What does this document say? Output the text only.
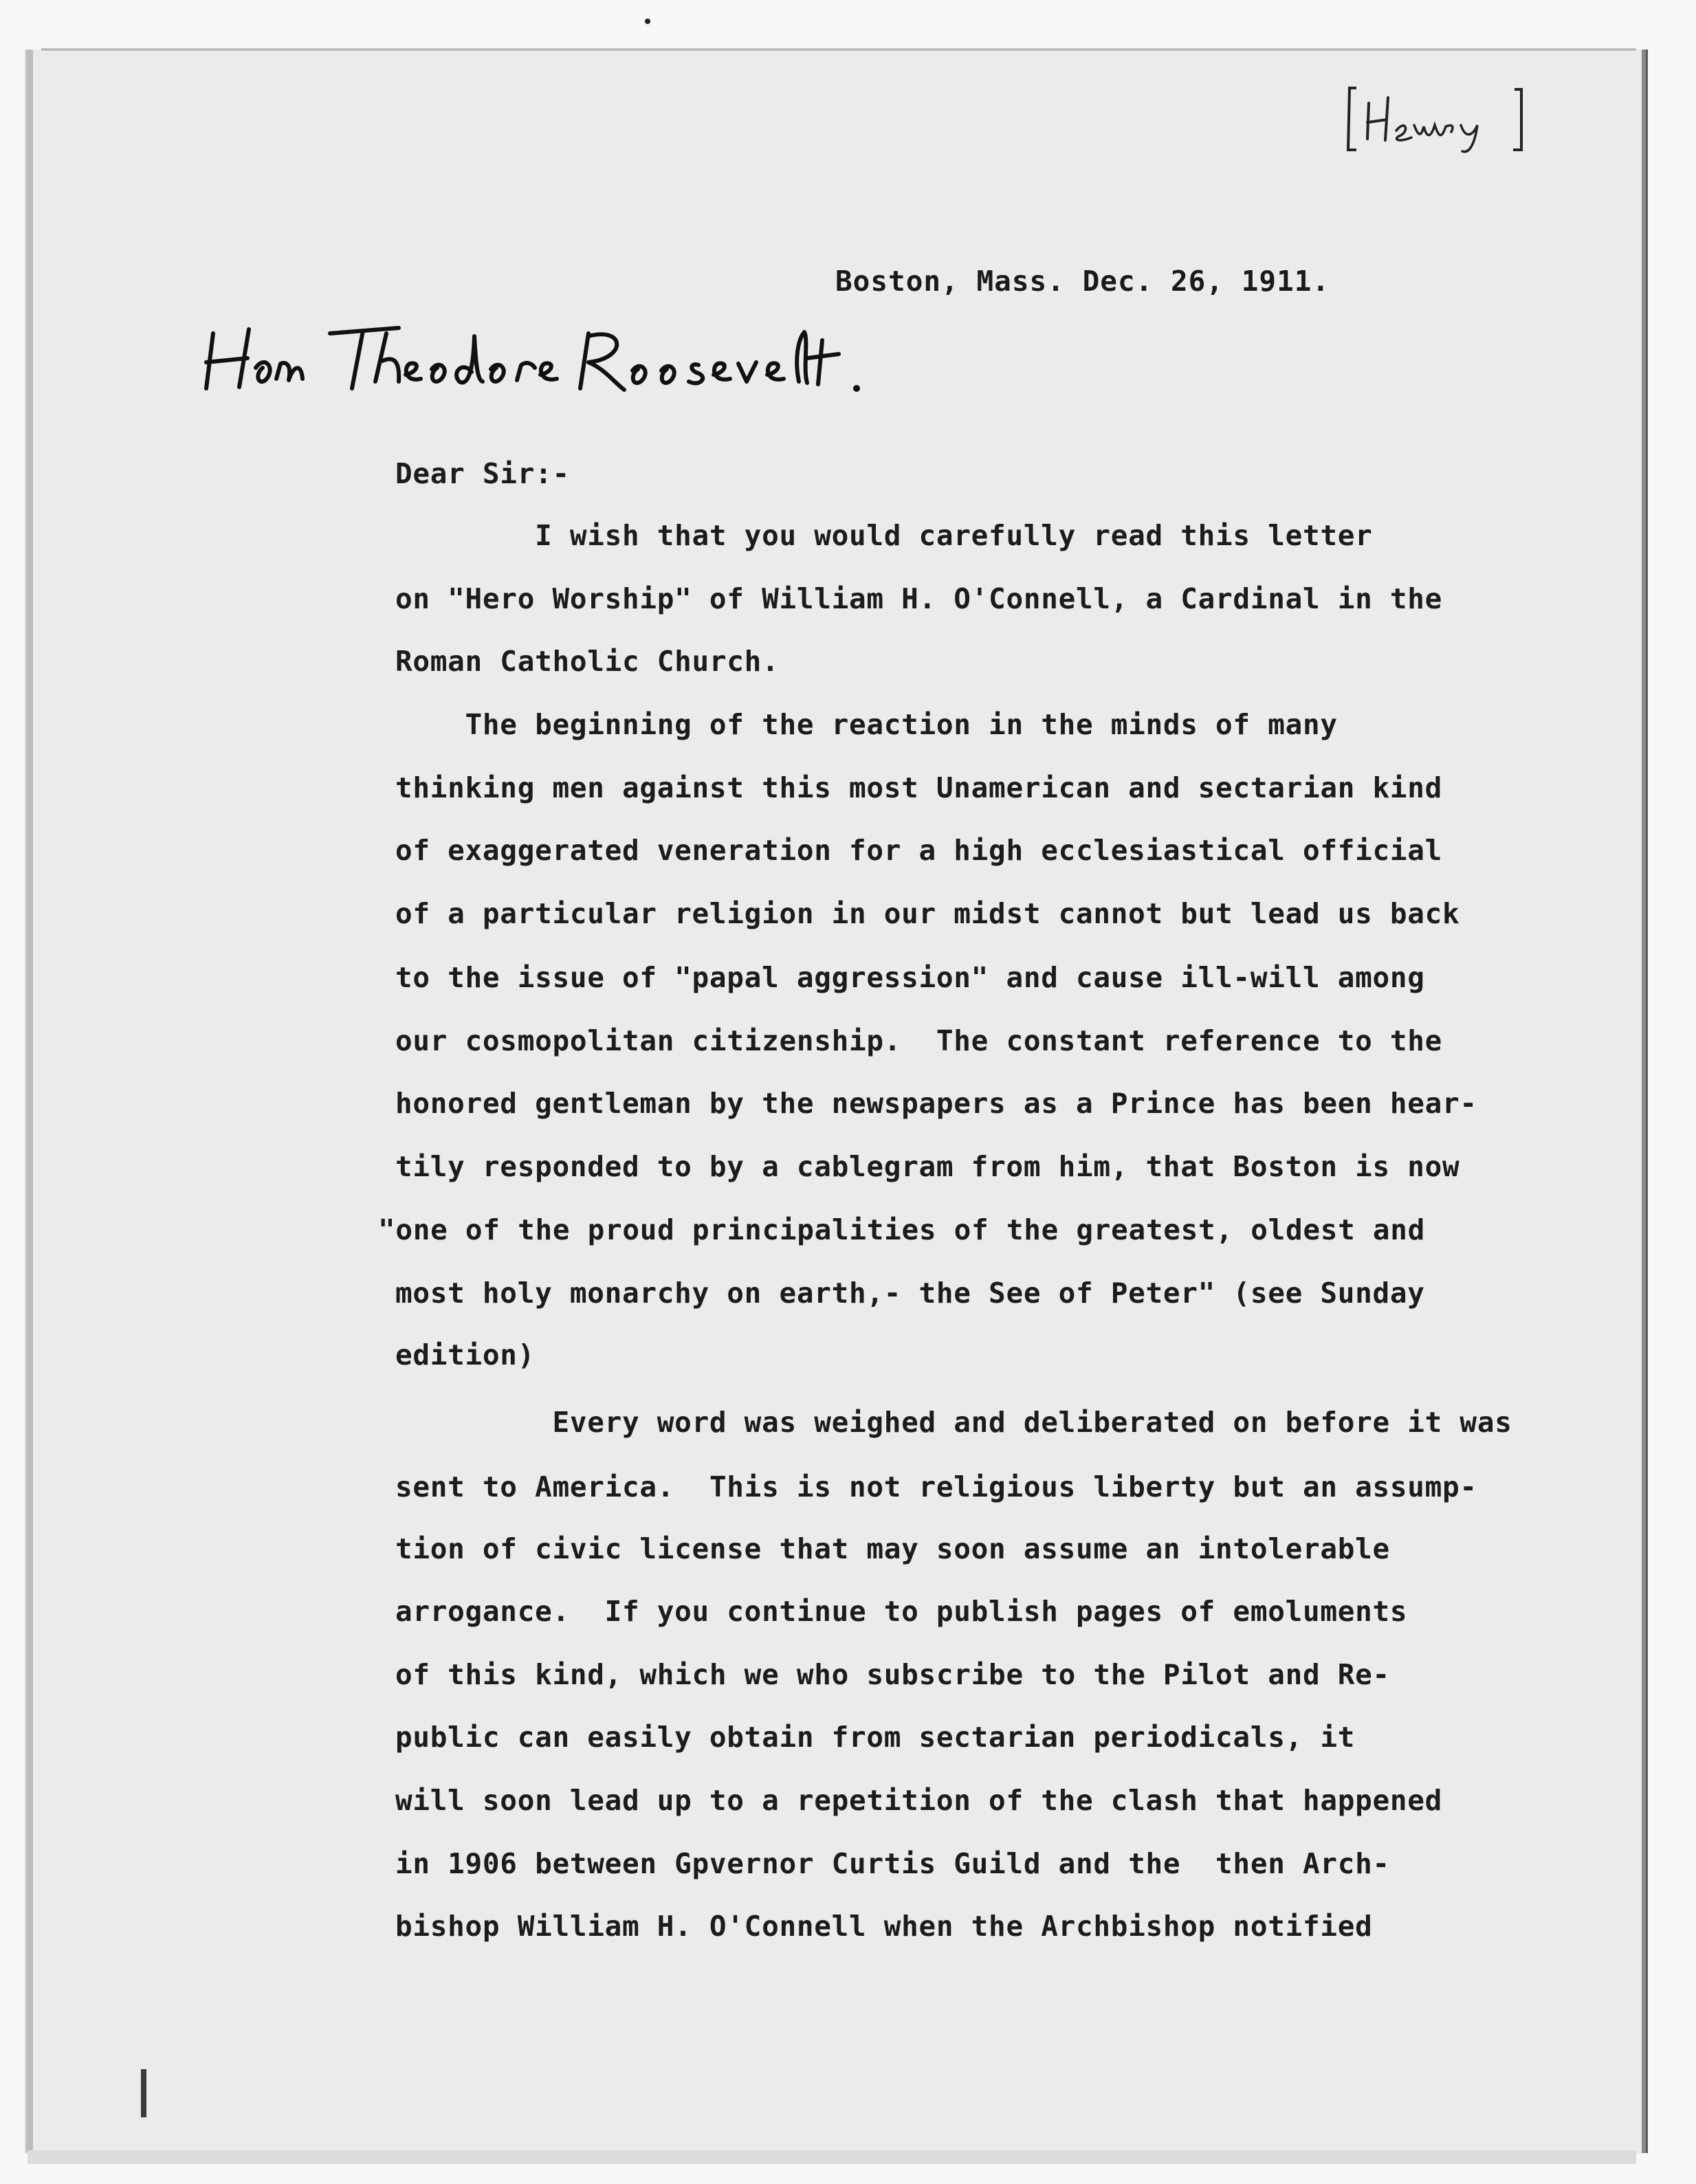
Boston, Mass. Dec. 26, 1911.
Dear Sir:-
I wish that you would carefully read this letter
on "Hero Worship" of William H. O'Connell, a Cardinal in the
Roman Catholic Church.
The beginning of the reaction in the minds of many
thinking men against this most Unamerican and sectarian kind
of exaggerated veneration for a high ecclesiastical official
of a particular religion in our midst cannot but lead us back
to the issue of "papal aggression" and cause ill-will among
our cosmopolitan citizenship.  The constant reference to the
honored gentleman by the newspapers as a Prince has been hear-
tily responded to by a cablegram from him, that Boston is now
"one of the proud principalities of the greatest, oldest and
most holy monarchy on earth,- the See of Peter" (see Sunday
edition)
Every word was weighed and deliberated on before it was
sent to America.  This is not religious liberty but an assump-
tion of civic license that may soon assume an intolerable
arrogance.  If you continue to publish pages of emoluments
of this kind, which we who subscribe to the Pilot and Re-
public can easily obtain from sectarian periodicals, it
will soon lead up to a repetition of the clash that happened
in 1906 between Gpvernor Curtis Guild and the  then Arch-
bishop William H. O'Connell when the Archbishop notified
